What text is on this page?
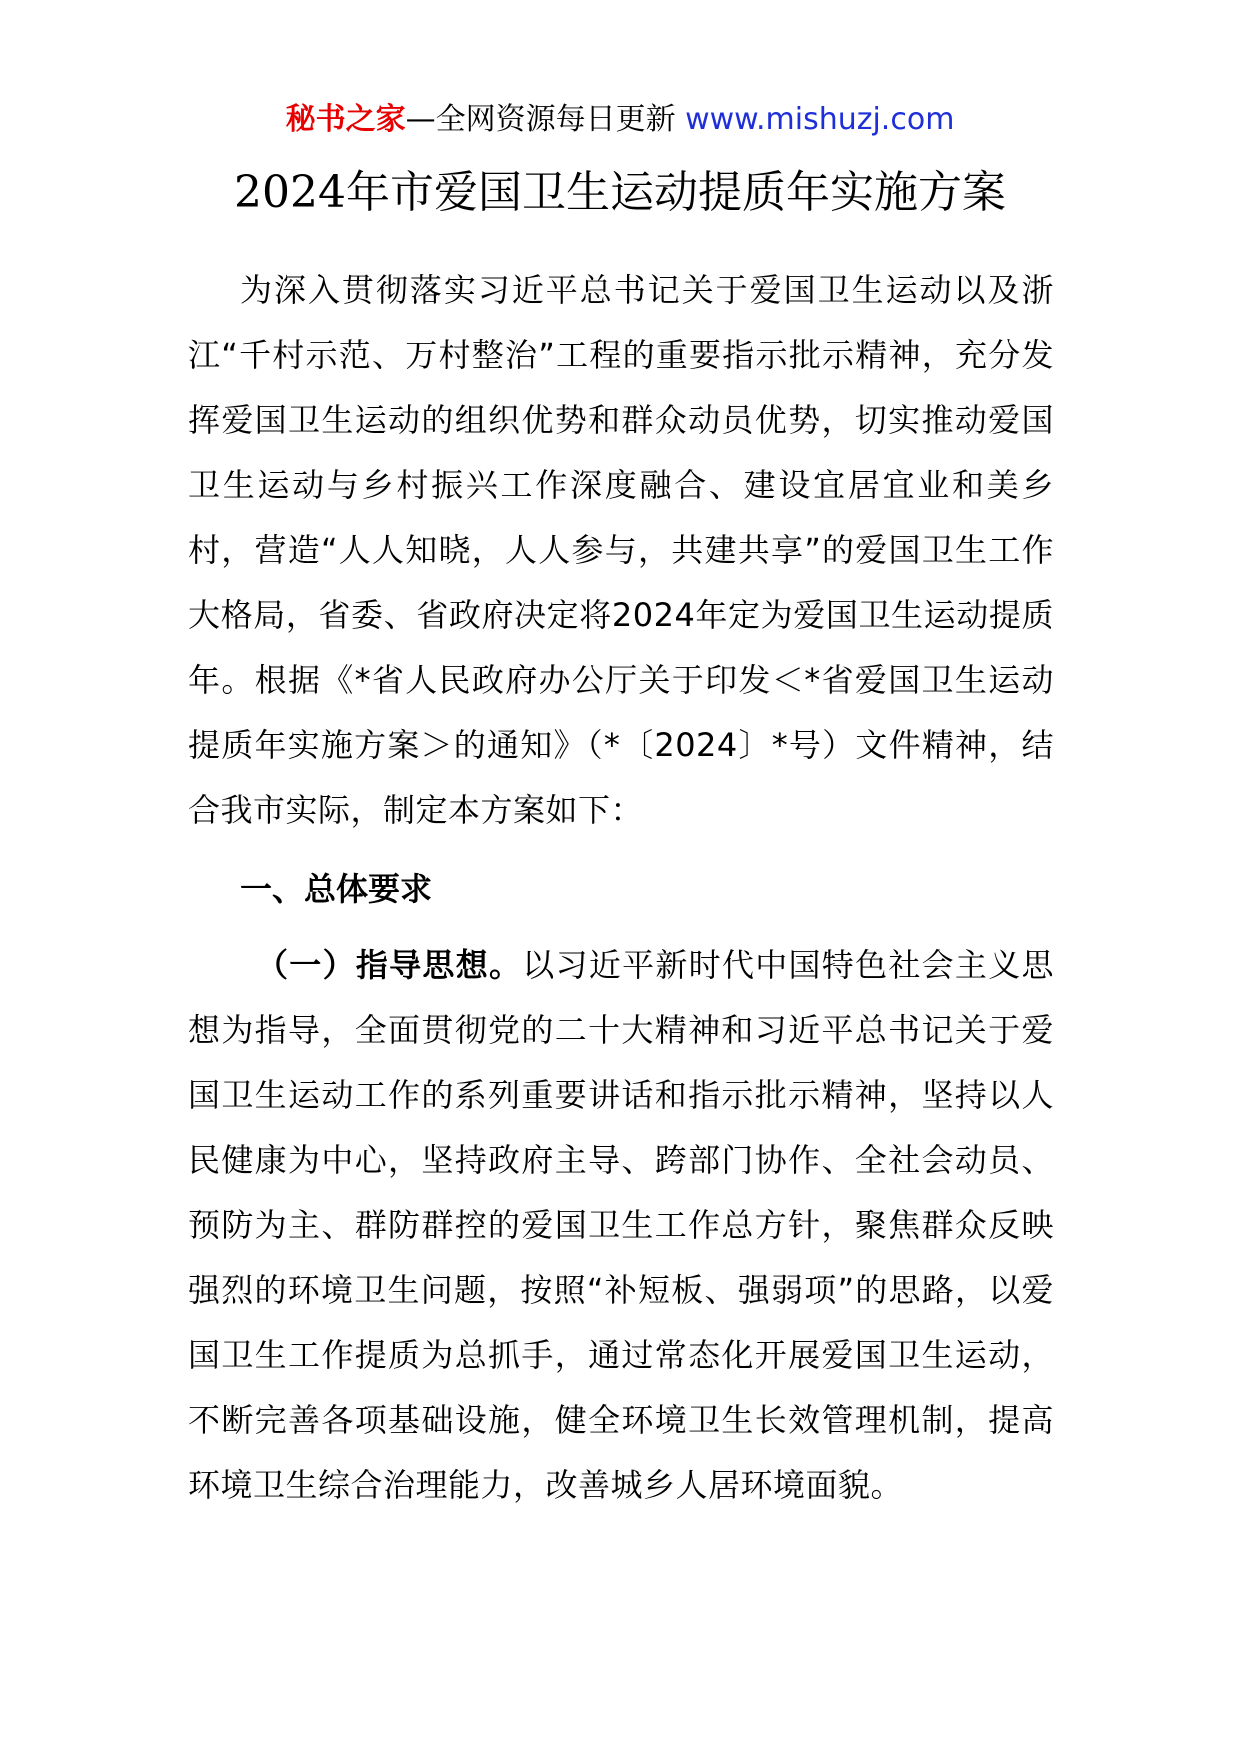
秘书之家—全网资源每日更新 www.mishuzj.com
2024年市爱国卫生运动提质年实施方案
为深入贯彻落实习近平总书记关于爱国卫生运动以及浙江“千村示范、万村整治”工程的重要指示批示精神，充分发挥爱国卫生运动的组织优势和群众动员优势，切实推动爱国卫生运动与乡村振兴工作深度融合、建设宜居宜业和美乡村，营造“人人知晓，人人参与，共建共享”的爱国卫生工作大格局，省委、省政府决定将2024年定为爱国卫生运动提质年。根据《*省人民政府办公厅关于印发＜*省爱国卫生运动提质年实施方案＞的通知》（*〔2024〕*号）文件精神，结合我市实际，制定本方案如下：
一、总体要求
（一）指导思想。以习近平新时代中国特色社会主义思想为指导，全面贯彻党的二十大精神和习近平总书记关于爱国卫生运动工作的系列重要讲话和指示批示精神，坚持以人民健康为中心，坚持政府主导、跨部门协作、全社会动员、预防为主、群防群控的爱国卫生工作总方针，聚焦群众反映强烈的环境卫生问题，按照“补短板、强弱项”的思路，以爱国卫生工作提质为总抓手，通过常态化开展爱国卫生运动，不断完善各项基础设施，健全环境卫生长效管理机制，提高环境卫生综合治理能力，改善城乡人居环境面貌。
